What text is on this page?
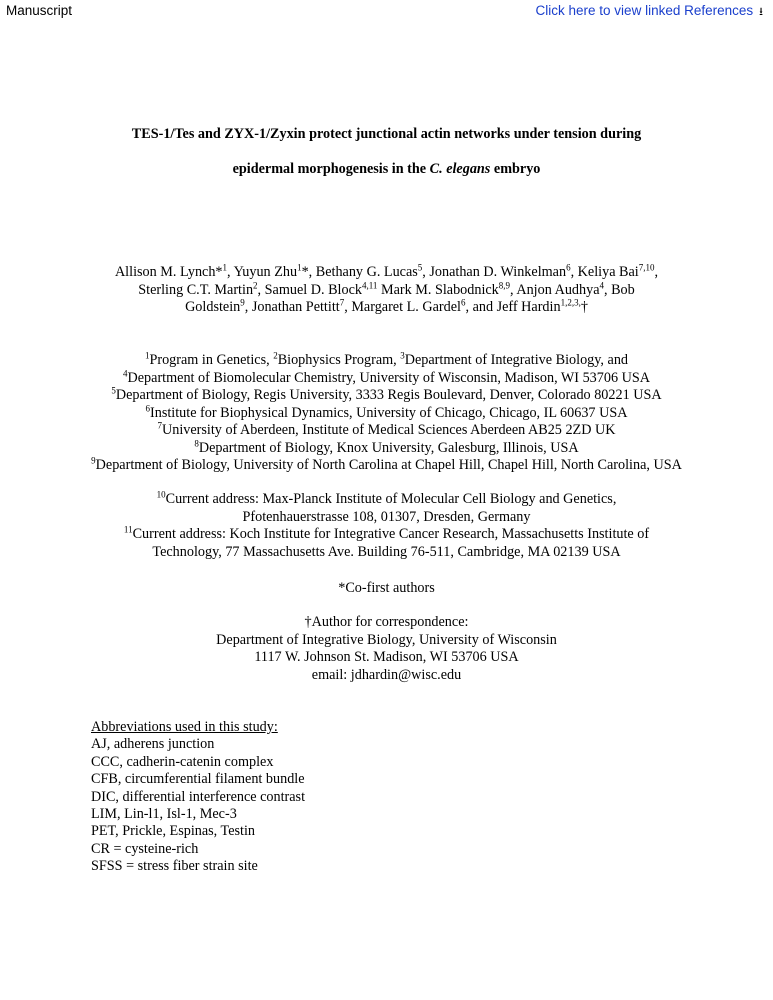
Manuscript	Click here to view linked References ⭳
TES-1/Tes and ZYX-1/Zyxin protect junctional actin networks under tension during
epidermal morphogenesis in the C. elegans embryo
Allison M. Lynch*$^1$, Yuyun Zhu$^1$*, Bethany G. Lucas$^5$, Jonathan D. Winkelman$^6$, Keliya Bai$^{7,10}$,
Sterling C.T. Martin$^2$, Samuel D. Block$^{4,11}$ Mark M. Slabodnick$^{8,9}$, Anjon Audhya$^4$, Bob
Goldstein$^9$, Jonathan Pettitt$^7$, Margaret L. Gardel$^6$, and Jeff Hardin$^{1,2,3,}$†
$^1$Program in Genetics, $^2$Biophysics Program, $^3$Department of Integrative Biology, and
$^4$Department of Biomolecular Chemistry, University of Wisconsin, Madison, WI 53706 USA
$^5$Department of Biology, Regis University, 3333 Regis Boulevard, Denver, Colorado 80221 USA
$^6$Institute for Biophysical Dynamics, University of Chicago, Chicago, IL 60637 USA
$^7$University of Aberdeen, Institute of Medical Sciences Aberdeen AB25 2ZD UK
$^8$Department of Biology, Knox University, Galesburg, Illinois, USA
$^9$Department of Biology, University of North Carolina at Chapel Hill, Chapel Hill, North Carolina, USA
$^{10}$Current address: Max-Planck Institute of Molecular Cell Biology and Genetics,
Pfotenhauerstrasse 108, 01307, Dresden, Germany
$^{11}$Current address: Koch Institute for Integrative Cancer Research, Massachusetts Institute of
Technology, 77 Massachusetts Ave. Building 76-511, Cambridge, MA 02139 USA
*Co-first authors
†Author for correspondence:
Department of Integrative Biology, University of Wisconsin
1117 W. Johnson St. Madison, WI 53706 USA
email: jdhardin@wisc.edu
Abbreviations used in this study:
AJ, adherens junction
CCC, cadherin-catenin complex
CFB, circumferential filament bundle
DIC, differential interference contrast
LIM, Lin-l1, Isl-1, Mec-3
PET, Prickle, Espinas, Testin
CR = cysteine-rich
SFSS = stress fiber strain site
